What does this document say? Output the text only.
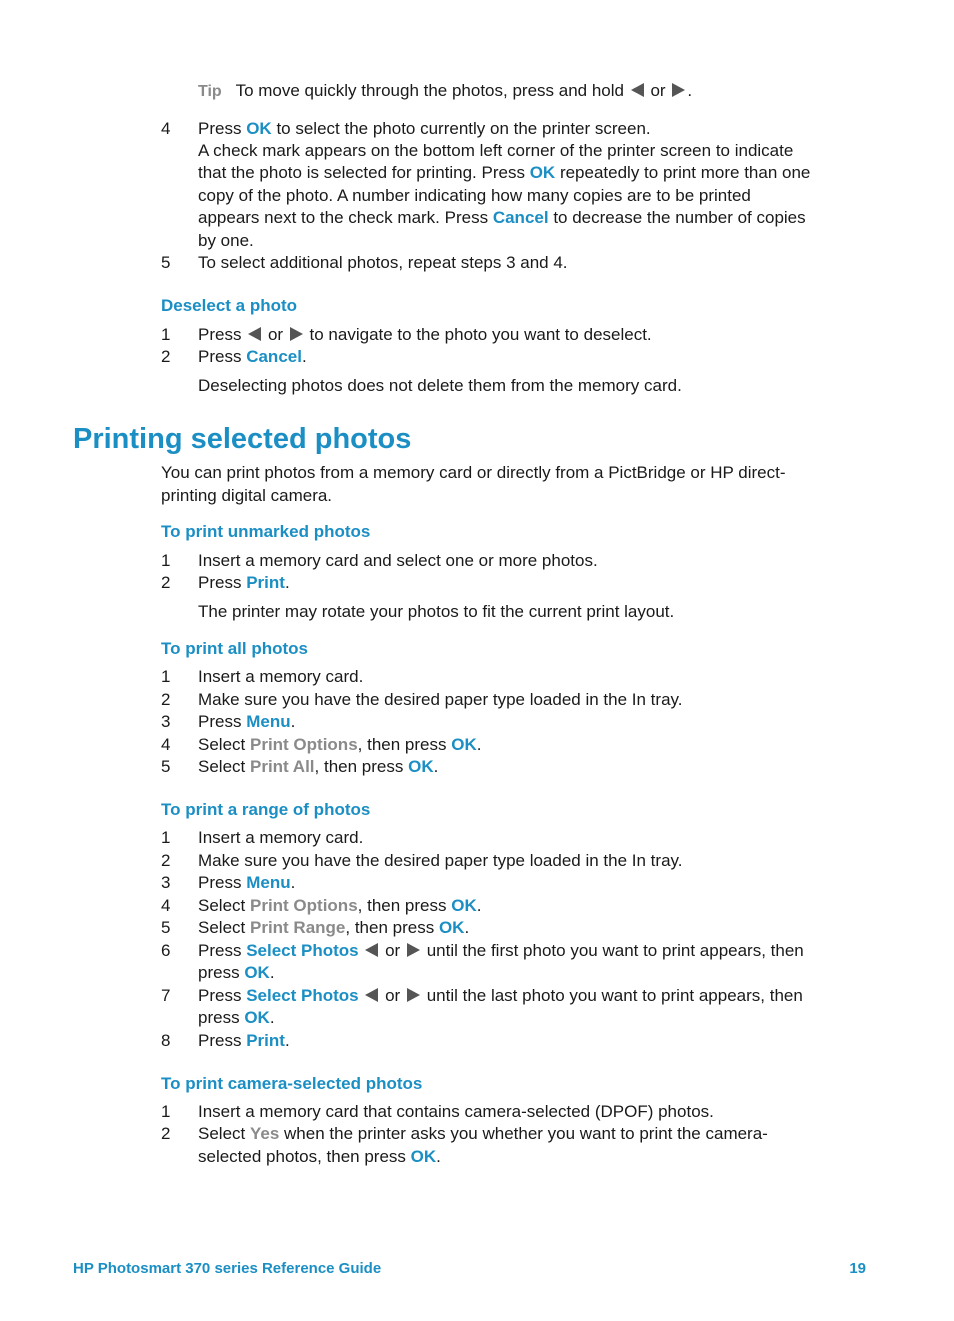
Tip To move quickly through the photos, press and hold or .
4	Press OK to select the photo currently on the printer screen.
A check mark appears on the bottom left corner of the printer screen to indicate
that the photo is selected for printing. Press OK repeatedly to print more than one
copy of the photo. A number indicating how many copies are to be printed
appears next to the check mark. Press Cancel to decrease the number of copies
by one.
5	To select additional photos, repeat steps 3 and 4.
Deselect a photo
1	Press or to navigate to the photo you want to deselect.
2	Press Cancel.
Deselecting photos does not delete them from the memory card.
Printing selected photos
You can print photos from a memory card or directly from a PictBridge or HP direct-
printing digital camera.
To print unmarked photos
1	Insert a memory card and select one or more photos.
2	Press Print.
The printer may rotate your photos to fit the current print layout.
To print all photos
1	Insert a memory card.
2	Make sure you have the desired paper type loaded in the In tray.
3	Press Menu.
4	Select Print Options, then press OK.
5	Select Print All, then press OK.
To print a range of photos
1	Insert a memory card.
2	Make sure you have the desired paper type loaded in the In tray.
3	Press Menu.
4	Select Print Options, then press OK.
5	Select Print Range, then press OK.
6	Press Select Photos or until the first photo you want to print appears, then
press OK.
7	Press Select Photos or until the last photo you want to print appears, then
press OK.
8	Press Print.
To print camera-selected photos
1	Insert a memory card that contains camera-selected (DPOF) photos.
2	Select Yes when the printer asks you whether you want to print the camera-
selected photos, then press OK.
HP Photosmart 370 series Reference Guide	19
